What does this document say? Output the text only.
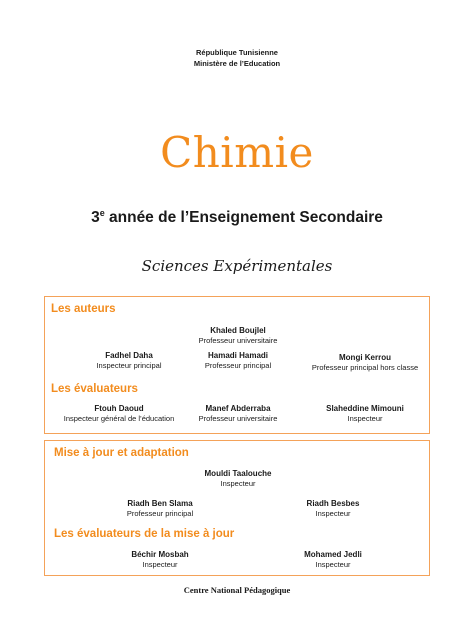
République Tunisienne
Ministère de l’Education
Chimie
3e année de l’Enseignement Secondaire
Sciences Expérimentales
Les auteurs
Khaled Boujlel
Professeur universitaire
Fadhel Daha
Inspecteur principal
Hamadi Hamadi
Professeur principal
Mongi Kerrou
Professeur principal hors classe
Les évaluateurs
Ftouh Daoud
Inspecteur général de l’éducation
Manef Abderraba
Professeur universitaire
Slaheddine Mimouni
Inspecteur
Mise à jour et adaptation
Mouldi Taalouche
Inspecteur
Riadh Ben Slama
Professeur principal
Riadh Besbes
Inspecteur
Les évaluateurs de la mise à jour
Béchir Mosbah
Inspecteur
Mohamed Jedli
Inspecteur
Centre National Pédagogique
